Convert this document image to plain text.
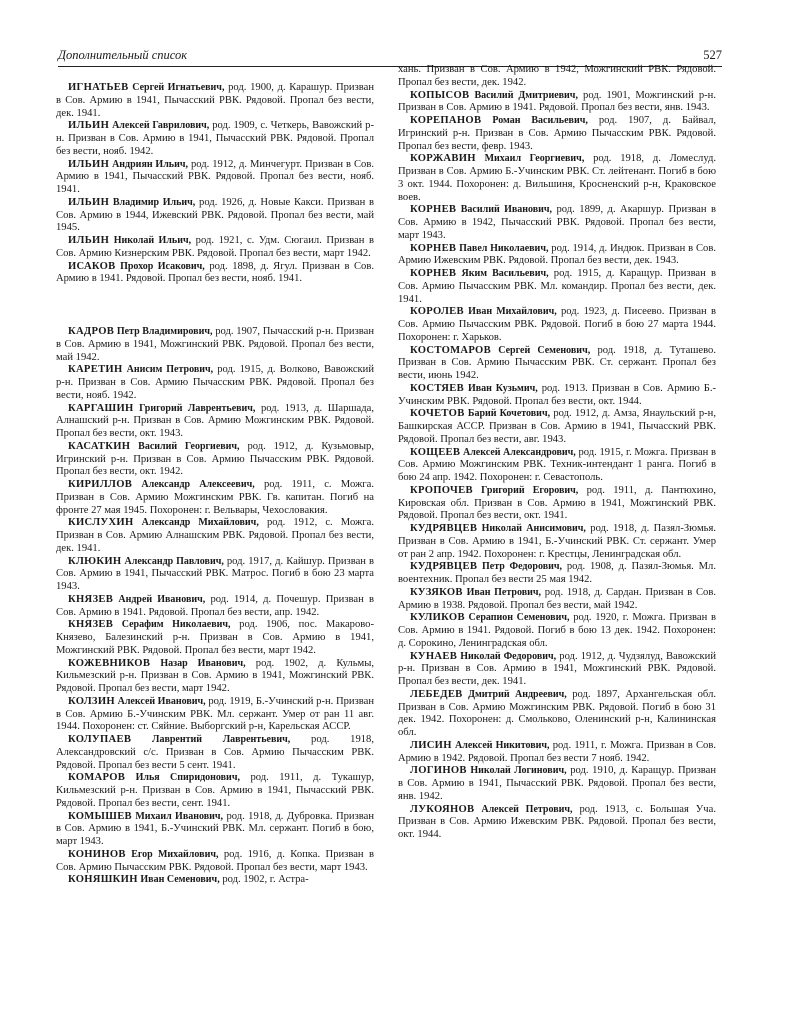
Дополнительный список	527

ИГНАТЬЕВ Сергей Игнатьевич, род. 1900, д. Карашур. Призван в Сов. Армию в 1941, Пычасский РВК. Рядовой. Пропал без вести, дек. 1941.

ИЛЬИН Алексей Гаврилович, род. 1909, с. Четкерь, Вавожский р-н. Призван в Сов. Армию в 1941, Пычасский РВК. Рядовой. Пропал без вести, нояб. 1942.

ИЛЬИН Андриян Ильич, род. 1912, д. Минчегурт. Призван в Сов. Армию в 1941, Пычасский РВК. Рядовой. Пропал без вести, нояб. 1941.

ИЛЬИН Владимир Ильич, род. 1926, д. Новые Какси. Призван в Сов. Армию в 1944, Ижевский РВК. Рядовой. Пропал без вести, май 1945.

ИЛЬИН Николай Ильич, род. 1921, с. Удм. Сюгаил. Призван в Сов. Армию Кизнерским РВК. Рядовой. Пропал без вести, март 1942.

ИСАКОВ Прохор Исакович, род. 1898, д. Ягул. Призван в Сов. Армию в 1941. Рядовой. Пропал без вести, нояб. 1941.

КАДРОВ Петр Владимирович, род. 1907, Пычасский р-н. Призван в Сов. Армию в 1941, Можгинский РВК. Рядовой. Пропал без вести, май 1942.

КАРЕТИН Анисим Петрович, род. 1915, д. Волково, Вавожский р-н. Призван в Сов. Армию Пычасским РВК. Рядовой. Пропал без вести, нояб. 1942.

КАРГАШИН Григорий Лаврентьевич, род. 1913, д. Шаршада, Алнашский р-н. Призван в Сов. Армию Можгинским РВК. Рядовой. Пропал без вести, окт. 1943.

КАСАТКИН Василий Георгиевич, род. 1912, д. Кузьмовыр, Игринский р-н. Призван в Сов. Армию Пычасским РВК. Рядовой. Пропал без вести, окт. 1942.

КИРИЛЛОВ Александр Алексеевич, род. 1911, с. Можга. Призван в Сов. Армию Можгинским РВК. Гв. капитан. Погиб на фронте 27 мая 1945. Похоронен: г. Вельвары, Чехословакия.

КИСЛУХИН Александр Михайлович, род. 1912, с. Можга. Призван в Сов. Армию Алнашским РВК. Рядовой. Пропал без вести, дек. 1941.

КЛЮКИН Александр Павлович, род. 1917, д. Кайшур. Призван в Сов. Армию в 1941, Пычасский РВК. Матрос. Погиб в бою 23 марта 1943.

КНЯЗЕВ Андрей Иванович, род. 1914, д. Почешур. Призван в Сов. Армию в 1941. Рядовой. Пропал без вести, апр. 1942.

КНЯЗЕВ Серафим Николаевич, род. 1906, пос. Макарово-Князево, Балезинский р-н. Призван в Сов. Армию в 1941, Можгинский РВК. Рядовой. Пропал без вести, март 1942.

КОЖЕВНИКОВ Назар Иванович, род. 1902, д. Кульмы, Кильмезский р-н. Призван в Сов. Армию в 1941, Можгинский РВК. Рядовой. Пропал без вести, март 1942.

КОЛЗИН Алексей Иванович, род. 1919, Б.-Учинский р-н. Призван в Сов. Армию Б.-Учинским РВК. Мл. сержант. Умер от ран 11 авг. 1944. Похоронен: ст. Сяйние. Выборгский р-н, Карельская АССР.

КОЛУПАЕВ Лаврентий Лаврентьевич, род. 1918, Александровский с/с. Призван в Сов. Армию Пычасским РВК. Рядовой. Пропал без вести 5 сент. 1941.

КОМАРОВ Илья Спиридонович, род. 1911, д. Тукашур, Кильмезский р-н. Призван в Сов. Армию в 1941, Пычасский РВК. Рядовой. Пропал без вести, сент. 1941.

КОМЫШЕВ Михаил Иванович, род. 1918, д. Дубровка. Призван в Сов. Армию в 1941, Б.-Учинский РВК. Мл. сержант. Погиб в бою, март 1943.

КОНИНОВ Егор Михайлович, род. 1916, д. Копка. Призван в Сов. Армию Пычасским РВК. Рядовой. Пропал без вести, март 1943.

КОНЯШКИН Иван Семенович, род. 1902, г. Астра-

хань. Призван в Сов. Армию в 1942, Можгинский РВК. Рядовой. Пропал без вести, дек. 1942.

КОПЫСОВ Василий Дмитриевич, род. 1901, Можгинский р-н. Призван в Сов. Армию в 1941. Рядовой. Пропал без вести, янв. 1943.

КОРЕПАНОВ Роман Васильевич, род. 1907, д. Байвал, Игринский р-н. Призван в Сов. Армию Пычасским РВК. Рядовой. Пропал без вести, февр. 1943.

КОРЖАВИН Михаил Георгиевич, род. 1918, д. Ломеслуд. Призван в Сов. Армию Б.-Учинским РВК. Ст. лейтенант. Погиб в бою 3 окт. 1944. Похоронен: д. Вильшиня, Кросненский р-н, Краковское воев.

КОРНЕВ Василий Иванович, род. 1899, д. Акаршур. Призван в Сов. Армию в 1942, Пычасский РВК. Рядовой. Пропал без вести, март 1943.

КОРНЕВ Павел Николаевич, род. 1914, д. Индюк. Призван в Сов. Армию Ижевским РВК. Рядовой. Пропал без вести, дек. 1943.

КОРНЕВ Яким Васильевич, род. 1915, д. Каращур. Призван в Сов. Армию Пычасским РВК. Мл. командир. Пропал без вести, дек. 1941.

КОРОЛЕВ Иван Михайлович, род. 1923, д. Писеево. Призван в Сов. Армию Пычасским РВК. Рядовой. Погиб в бою 27 марта 1944. Похоронен: г. Харьков.

КОСТОМАРОВ Сергей Семенович, род. 1918, д. Туташево. Призван в Сов. Армию Пычасским РВК. Ст. сержант. Пропал без вести, июнь 1942.

КОСТЯЕВ Иван Кузьмич, род. 1913. Призван в Сов. Армию Б.-Учинским РВК. Рядовой. Пропал без вести, окт. 1944.

КОЧЕТОВ Барий Кочетович, род. 1912, д. Амза, Янаульский р-н, Башкирская АССР. Призван в Сов. Армию в 1941, Пычасский РВК. Рядовой. Пропал без вести, авг. 1943.

КОЩЕЕВ Алексей Александрович, род. 1915, г. Можга. Призван в Сов. Армию Можгинским РВК. Техник-интендант 1 ранга. Погиб в бою 24 апр. 1942. Похоронен: г. Севастополь.

КРОПОЧЕВ Григорий Егорович, род. 1911, д. Пантюхино, Кировская обл. Призван в Сов. Армию в 1941, Можгинский РВК. Рядовой. Пропал без вести, окт. 1941.

КУДРЯВЦЕВ Николай Анисимович, род. 1918, д. Пазял-Зюмья. Призван в Сов. Армию в 1941, Б.-Учинский РВК. Ст. сержант. Умер от ран 2 апр. 1942. Похоронен: г. Крестцы, Ленинградская обл.

КУДРЯВЦЕВ Петр Федорович, род. 1908, д. Пазял-Зюмья. Мл. воентехник. Пропал без вести 25 мая 1942.

КУЗЯКОВ Иван Петрович, род. 1918, д. Сардан. Призван в Сов. Армию в 1938. Рядовой. Пропал без вести, май 1942.

КУЛИКОВ Серапион Семенович, род. 1920, г. Можга. Призван в Сов. Армию в 1941. Рядовой. Погиб в бою 13 дек. 1942. Похоронен: д. Сорокино, Ленинградская обл.

КУНАЕВ Николай Федорович, род. 1912, д. Чудзялуд, Вавожский р-н. Призван в Сов. Армию в 1941, Можгинский РВК. Рядовой. Пропал без вести, дек. 1941.

ЛЕБЕДЕВ Дмитрий Андреевич, род. 1897, Архангельская обл. Призван в Сов. Армию Можгинским РВК. Рядовой. Погиб в бою 31 дек. 1942. Похоронен: д. Смольково, Оленинский р-н, Калининская обл.

ЛИСИН Алексей Никитович, род. 1911, г. Можга. Призван в Сов. Армию в 1942. Рядовой. Пропал без вести 7 нояб. 1942.

ЛОГИНОВ Николай Логинович, род. 1910, д. Каращур. Призван в Сов. Армию в 1941, Пычасский РВК. Рядовой. Пропал без вести, янв. 1942.

ЛУКОЯНОВ Алексей Петрович, род. 1913, с. Большая Уча. Призван в Сов. Армию Ижевским РВК. Рядовой. Пропал без вести, окт. 1944.
